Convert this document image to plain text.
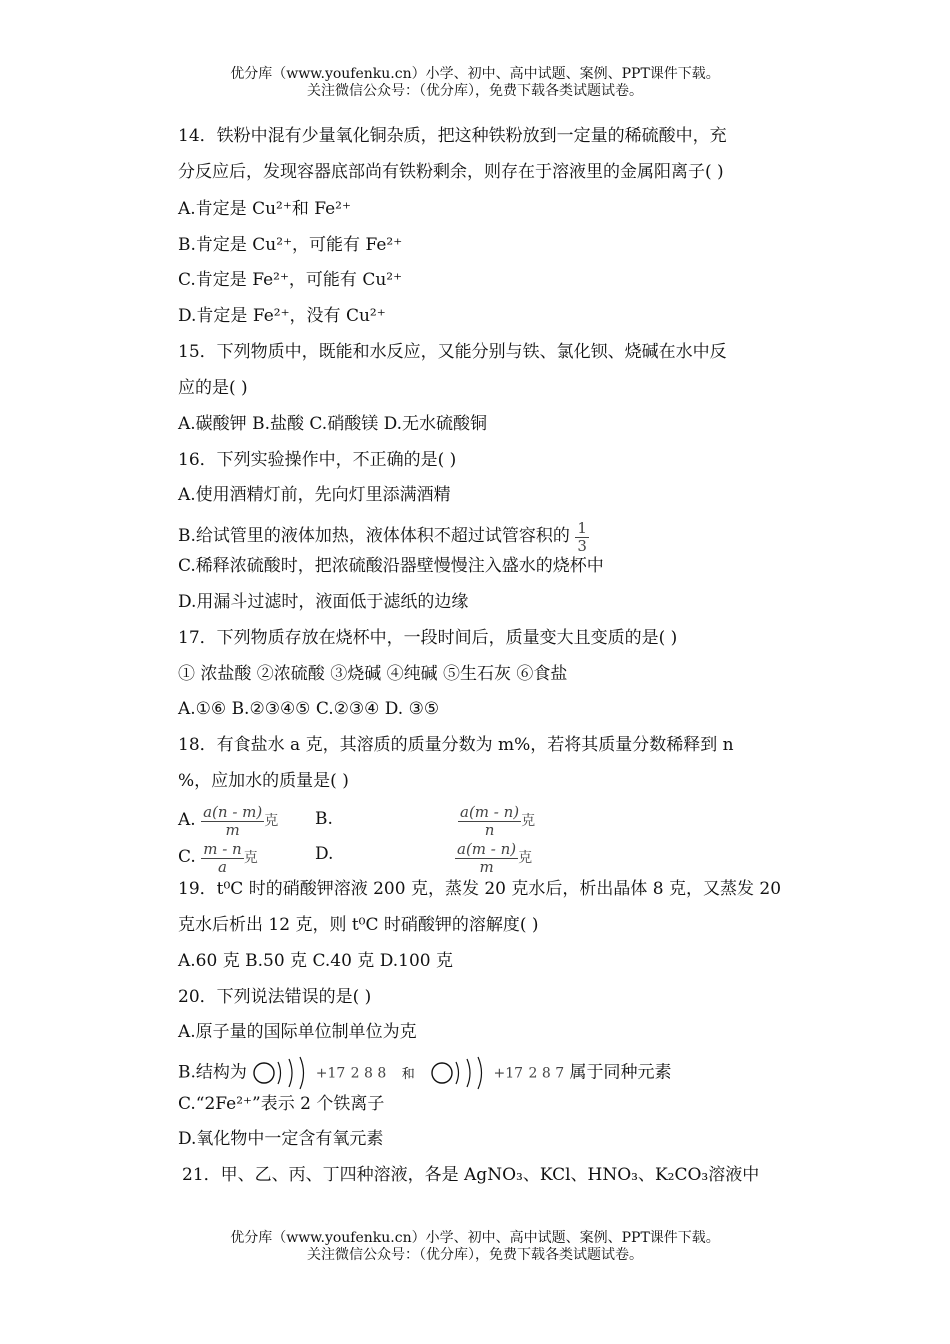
优分库（www.youfenku.cn）小学、初中、高中试题、案例、PPT课件下载。
关注微信公众号：（优分库），免费下载各类试题试卷。
14．铁粉中混有少量氧化铜杂质，把这种铁粉放到一定量的稀硫酸中，充
分反应后，发现容器底部尚有铁粉剩余，则存在于溶液里的金属阳离子( )
A.肯定是 Cu²⁺和 Fe²⁺
B.肯定是 Cu²⁺，可能有 Fe²⁺
C.肯定是 Fe²⁺，可能有 Cu²⁺
D.肯定是 Fe²⁺，没有 Cu²⁺
15．下列物质中，既能和水反应，又能分别与铁、氯化钡、烧碱在水中反
应的是( )
A.碳酸钾 B.盐酸 C.硝酸镁 D.无水硫酸铜
16．下列实验操作中，不正确的是( )
A.使用酒精灯前，先向灯里添满酒精
B.给试管里的液体加热，液体体积不超过试管容积的 $\frac{1}{3}$
C.稀释浓硫酸时，把浓硫酸沿器壁慢慢注入盛水的烧杯中
D.用漏斗过滤时，液面低于滤纸的边缘
17．下列物质存放在烧杯中，一段时间后，质量变大且变质的是( )
① 浓盐酸 ②浓硫酸 ③烧碱 ④纯碱 ⑤生石灰 ⑥食盐
A.①⑥ B.②③④⑤ C.②③④ D. ③⑤
18．有食盐水 a 克，其溶质的质量分数为 m%，若将其质量分数稀释到 n
%，应加水的质量是( )
A. $\frac{a(n - m)}{m}$ 克 B.	$\frac{a(m - n)}{n}$ 克
C. $\frac{m - n}{a}$ 克	D.	$\frac{a(m - n)}{m}$ 克
19．t⁰C 时的硝酸钾溶液 200 克，蒸发 20 克水后，析出晶体 8 克，又蒸发 20
克水后析出 12 克，则 t⁰C 时硝酸钾的溶解度( )
A.60 克 B.50 克 C.40 克 D.100 克
20．下列说法错误的是( )
A.原子量的国际单位制单位为克
B.结构为	+17 2 8 8 和	+17 2 8 7 属于同种元素
C.“2Fe²⁺”表示 2 个铁离子
D.氧化物中一定含有氧元素
21．甲、乙、丙、丁四种溶液，各是 AgNO₃、KCl、HNO₃、K₂CO₃溶液中
优分库（www.youfenku.cn）小学、初中、高中试题、案例、PPT课件下载。
关注微信公众号：（优分库），免费下载各类试题试卷。
